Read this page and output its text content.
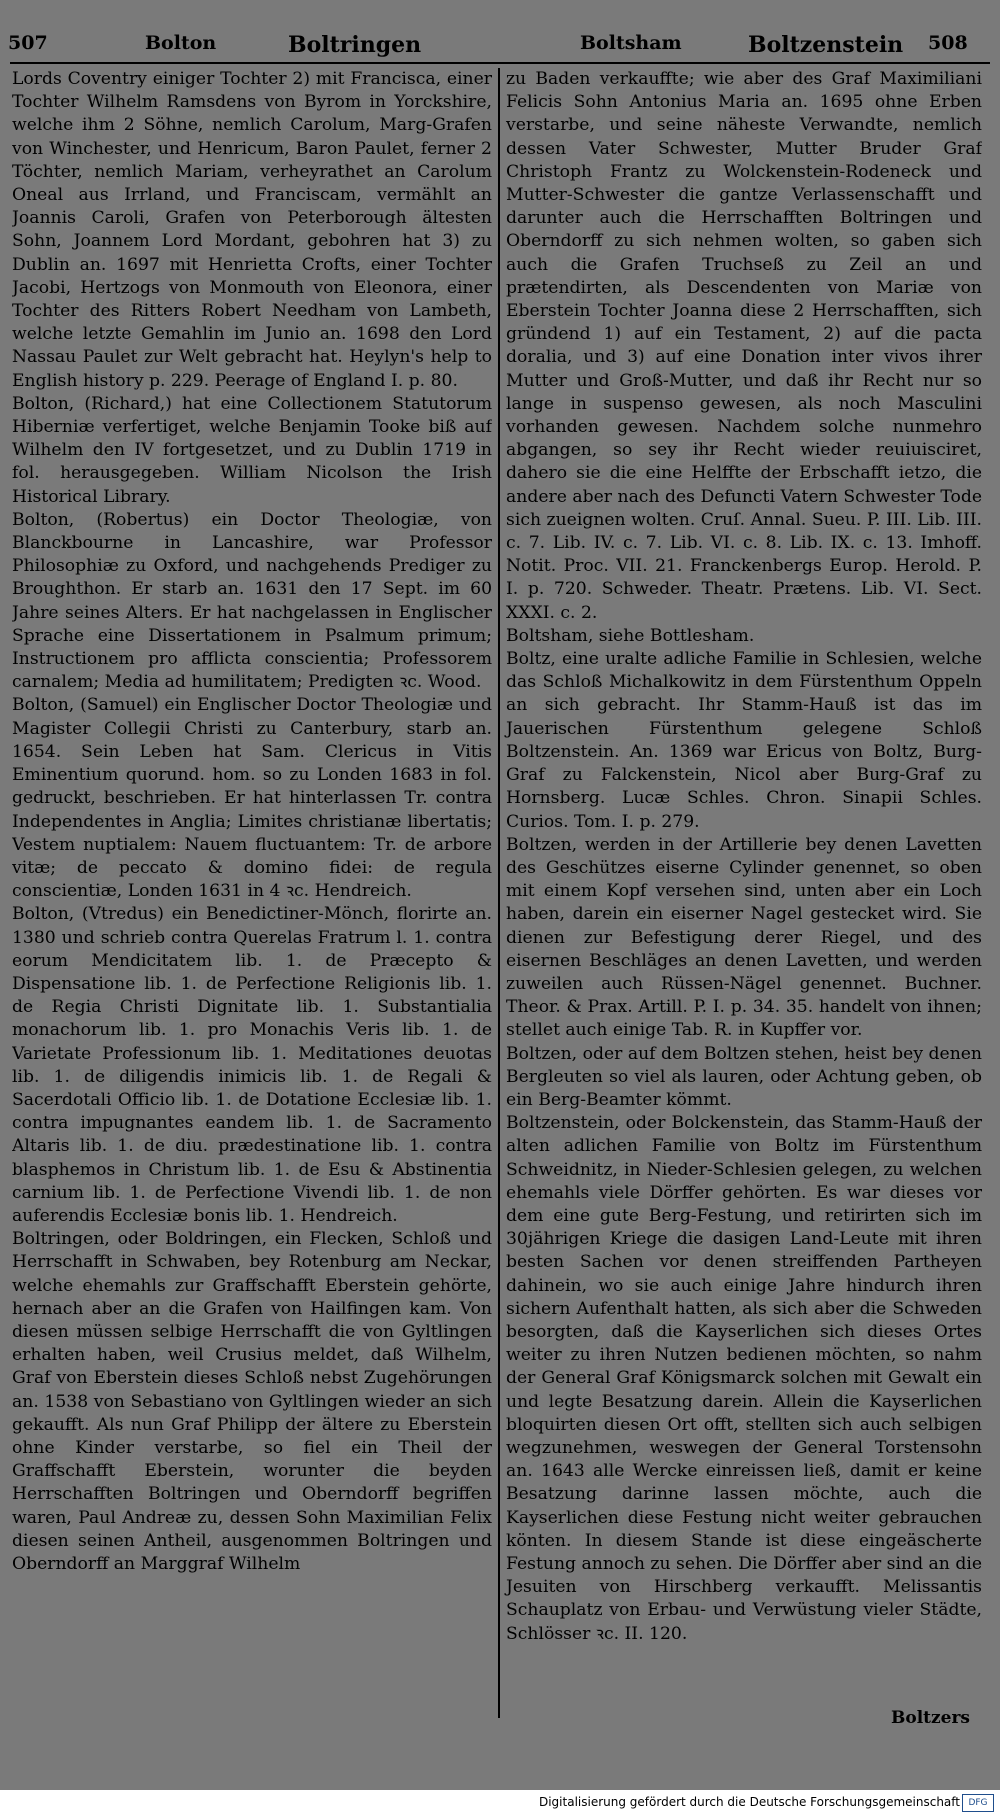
507	Bolton	Boltringen	Boltsham	Boltzenstein 508

Lords Coventry einiger Tochter 2) mit Francisca, einer Tochter Wilhelm Ramsdens von Byrom in Yorckshire, welche ihm 2 Söhne, nemlich Carolum, Marg-Grafen von Winchester, und Henricum, Baron Paulet, ferner 2 Töchter, nemlich Mariam, verheyrathet an Carolum Oneal aus Irrland, und Franciscam, vermählt an Joannis Caroli, Grafen von Peterborough ältesten Sohn, Joannem Lord Mordant, gebohren hat 3) zu Dublin an. 1697 mit Henrietta Crofts, einer Tochter Jacobi, Hertzogs von Monmouth von Eleonora, einer Tochter des Ritters Robert Needham von Lambeth, welche letzte Gemahlin im Junio an. 1698 den Lord Nassau Paulet zur Welt gebracht hat. Heylyn's help to English history p. 229. Peerage of England I. p. 80.

Bolton, (Richard,) hat eine Collectionem Statutorum Hiberniæ verfertiget, welche Benjamin Tooke biß auf Wilhelm den IV fortgesetzet, und zu Dublin 1719 in fol. herausgegeben. William Nicolson the Irish Historical Library.

Bolton, (Robertus) ein Doctor Theologiæ, von Blanckbourne in Lancashire, war Professor Philosophiæ zu Oxford, und nachgehends Prediger zu Broughthon. Er starb an. 1631 den 17 Sept. im 60 Jahre seines Alters. Er hat nachgelassen in Englischer Sprache eine Dissertationem in Psalmum primum; Instructionem pro afflicta conscientia; Professorem carnalem; Media ad humilitatem; Predigten ꝛc. Wood.

Bolton, (Samuel) ein Englischer Doctor Theologiæ und Magister Collegii Christi zu Canterbury, starb an. 1654. Sein Leben hat Sam. Clericus in Vitis Eminentium quorund. hom. so zu Londen 1683 in fol. gedruckt, beschrieben. Er hat hinterlassen Tr. contra Independentes in Anglia; Limites christianæ libertatis; Vestem nuptialem: Nauem fluctuantem: Tr. de arbore vitæ; de peccato & domino fidei: de regula conscientiæ, Londen 1631 in 4 ꝛc. Hendreich.

Bolton, (Vtredus) ein Benedictiner-Mönch, florirte an. 1380 und schrieb contra Querelas Fratrum l. 1. contra eorum Mendicitatem lib. 1. de Præcepto & Dispensatione lib. 1. de Perfectione Religionis lib. 1. de Regia Christi Dignitate lib. 1. Substantialia monachorum lib. 1. pro Monachis Veris lib. 1. de Varietate Professionum lib. 1. Meditationes deuotas lib. 1. de diligendis inimicis lib. 1. de Regali & Sacerdotali Officio lib. 1. de Dotatione Ecclesiæ lib. 1. contra impugnantes eandem lib. 1. de Sacramento Altaris lib. 1. de diu. prædestinatione lib. 1. contra blasphemos in Christum lib. 1. de Esu & Abstinentia carnium lib. 1. de Perfectione Vivendi lib. 1. de non auferendis Ecclesiæ bonis lib. 1. Hendreich.

Boltringen, oder Boldringen, ein Flecken, Schloß und Herrschafft in Schwaben, bey Rotenburg am Neckar, welche ehemahls zur Graffschafft Eberstein gehörte, hernach aber an die Grafen von Hailfingen kam. Von diesen müssen selbige Herrschafft die von Gyltlingen erhalten haben, weil Crusius meldet, daß Wilhelm, Graf von Eberstein dieses Schloß nebst Zugehörungen an. 1538 von Sebastiano von Gyltlingen wieder an sich gekaufft. Als nun Graf Philipp der ältere zu Eberstein ohne Kinder verstarbe, so fiel ein Theil der Graffschafft Eberstein, worunter die beyden Herrschafften Boltringen und Oberndorff begriffen waren, Paul Andreæ zu, dessen Sohn Maximilian Felix diesen seinen Antheil, ausgenommen Boltringen und Oberndorff an Marggraf Wilhelm

zu Baden verkauffte; wie aber des Graf Maximiliani Felicis Sohn Antonius Maria an. 1695 ohne Erben verstarbe, und seine näheste Verwandte, nemlich dessen Vater Schwester, Mutter Bruder Graf Christoph Frantz zu Wolckenstein-Rodeneck und Mutter-Schwester die gantze Verlassenschafft und darunter auch die Herrschafften Boltringen und Oberndorff zu sich nehmen wolten, so gaben sich auch die Grafen Truchseß zu Zeil an und prætendirten, als Descendenten von Mariæ von Eberstein Tochter Joanna diese 2 Herrschafften, sich gründend 1) auf ein Testament, 2) auf die pacta doralia, und 3) auf eine Donation inter vivos ihrer Mutter und Groß-Mutter, und daß ihr Recht nur so lange in suspenso gewesen, als noch Masculini vorhanden gewesen. Nachdem solche nunmehro abgangen, so sey ihr Recht wieder reuiuisciret, dahero sie die eine Helffte der Erbschafft ietzo, die andere aber nach des Defuncti Vatern Schwester Tode sich zueignen wolten. Cruſ. Annal. Sueu. P. III. Lib. III. c. 7. Lib. IV. c. 7. Lib. VI. c. 8. Lib. IX. c. 13. Imhoff. Notit. Proc. VII. 21. Franckenbergs Europ. Herold. P. I. p. 720. Schweder. Theatr. Prætens. Lib. VI. Sect. XXXI. c. 2.

Boltsham, siehe Bottlesham.

Boltz, eine uralte adliche Familie in Schlesien, welche das Schloß Michalkowitz in dem Fürstenthum Oppeln an sich gebracht. Ihr Stamm-Hauß ist das im Jauerischen Fürstenthum gelegene Schloß Boltzenstein. An. 1369 war Ericus von Boltz, Burg-Graf zu Falckenstein, Nicol aber Burg-Graf zu Hornsberg. Lucæ Schles. Chron. Sinapii Schles. Curios. Tom. I. p. 279.

Boltzen, werden in der Artillerie bey denen Lavetten des Geschützes eiserne Cylinder genennet, so oben mit einem Kopf versehen sind, unten aber ein Loch haben, darein ein eiserner Nagel gestecket wird. Sie dienen zur Befestigung derer Riegel, und des eisernen Beschläges an denen Lavetten, und werden zuweilen auch Rüssen-Nägel genennet. Buchner. Theor. & Prax. Artill. P. I. p. 34. 35. handelt von ihnen; stellet auch einige Tab. R. in Kupffer vor.

Boltzen, oder auf dem Boltzen stehen, heist bey denen Bergleuten so viel als lauren, oder Achtung geben, ob ein Berg-Beamter kömmt.

Boltzenstein, oder Bolckenstein, das Stamm-Hauß der alten adlichen Familie von Boltz im Fürstenthum Schweidnitz, in Nieder-Schlesien gelegen, zu welchen ehemahls viele Dörffer gehörten. Es war dieses vor dem eine gute Berg-Festung, und retirirten sich im 30jährigen Kriege die dasigen Land-Leute mit ihren besten Sachen vor denen streiffenden Partheyen dahinein, wo sie auch einige Jahre hindurch ihren sichern Aufenthalt hatten, als sich aber die Schweden besorgten, daß die Kayserlichen sich dieses Ortes weiter zu ihren Nutzen bedienen möchten, so nahm der General Graf Königsmarck solchen mit Gewalt ein und legte Besatzung darein. Allein die Kayserlichen bloquirten diesen Ort offt, stellten sich auch selbigen wegzunehmen, weswegen der General Torstensohn an. 1643 alle Wercke einreissen ließ, damit er keine Besatzung darinne lassen möchte, auch die Kayserlichen diese Festung nicht weiter gebrauchen könten. In diesem Stande ist diese eingeäscherte Festung annoch zu sehen. Die Dörffer aber sind an die Jesuiten von Hirschberg verkaufft. Melissantis Schauplatz von Erbau- und Verwüstung vieler Städte, Schlösser ꝛc. II. 120.

Boltzers
Digitalisierung gefördert durch die Deutsche Forschungsgemeinschaft DFG
